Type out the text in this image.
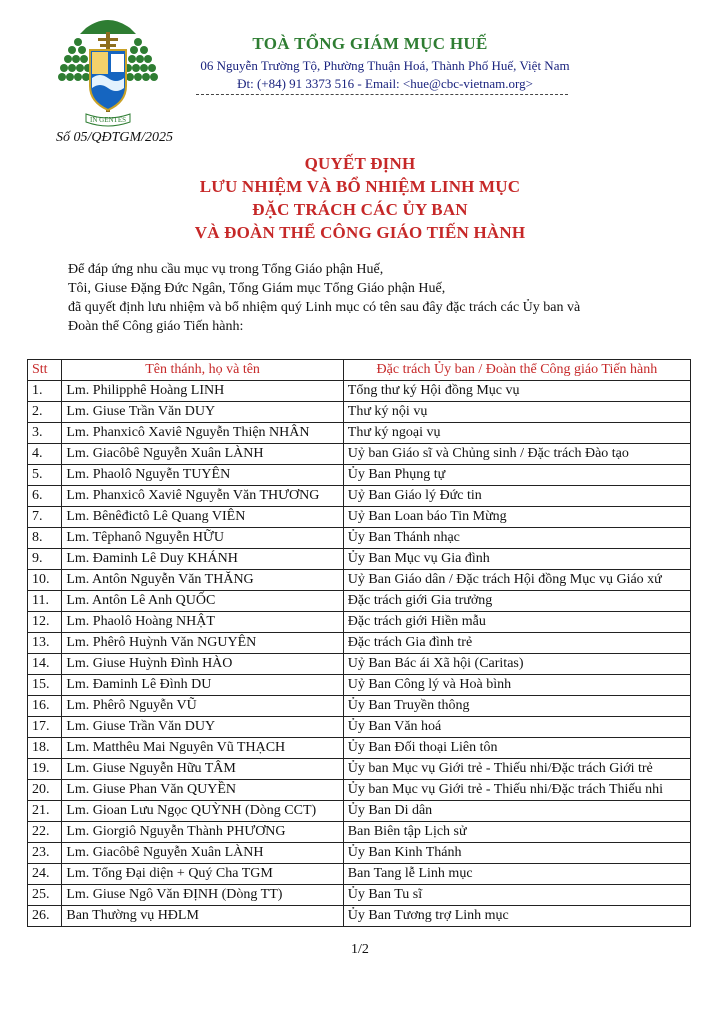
IN GENTES
TOÀ TỔNG GIÁM MỤC HUẾ
06 Nguyễn Trường Tộ, Phường Thuận Hoá, Thành Phố Huế, Việt Nam
Đt: (+84) 91 3373 516 - Email: <hue@cbc-vietnam.org>
Số 05/QĐTGM/2025
QUYẾT ĐỊNH
LƯU NHIỆM VÀ BỔ NHIỆM LINH MỤC
ĐẶC TRÁCH CÁC ỦY BAN
VÀ ĐOÀN THỂ CÔNG GIÁO TIẾN HÀNH
Để đáp ứng nhu cầu mục vụ trong Tổng Giáo phận Huế,
Tôi, Giuse Đặng Đức Ngân, Tổng Giám mục Tổng Giáo phận Huế,
đã quyết định lưu nhiệm và bổ nhiệm quý Linh mục có tên sau đây đặc trách các Ủy ban và
Đoàn thể Công giáo Tiến hành:
Stt	Tên thánh, họ và tên	Đặc trách Ủy ban / Đoàn thể Công giáo Tiến hành
1.	Lm. Philipphê Hoàng LINH	Tổng thư ký Hội đồng Mục vụ
2.	Lm. Giuse Trần Văn DUY	Thư ký nội vụ
3.	Lm. Phanxicô Xaviê Nguyễn Thiện NHÂN	Thư ký ngoại vụ
4.	Lm. Giacôbê Nguyễn Xuân LÀNH	Uỷ ban Giáo sĩ và Chủng sinh / Đặc trách Đào tạo
5.	Lm. Phaolô Nguyễn TUYÊN	Ủy Ban Phụng tự
6.	Lm. Phanxicô Xaviê Nguyễn Văn THƯƠNG	Uỷ Ban Giáo lý Đức tin
7.	Lm. Bênêđictô Lê Quang VIÊN	Uỷ Ban Loan báo Tin Mừng
8.	Lm. Têphanô Nguyễn HỮU	Ủy Ban Thánh nhạc
9.	Lm. Đaminh Lê Duy KHÁNH	Ủy Ban Mục vụ Gia đình
10.	Lm. Antôn Nguyễn Văn THĂNG	Uỷ Ban Giáo dân / Đặc trách Hội đồng Mục vụ Giáo xứ
11.	Lm. Antôn Lê Anh QUỐC	Đặc trách giới Gia trưởng
12.	Lm. Phaolô Hoàng NHẬT	Đặc trách giới Hiền mẫu
13.	Lm. Phêrô Huỳnh Văn NGUYÊN	Đặc trách Gia đình trẻ
14.	Lm. Giuse Huỳnh Đình HÀO	Uỷ Ban Bác ái Xã hội (Caritas)
15.	Lm. Đaminh Lê Đình DU	Uỷ Ban Công lý và Hoà bình
16.	Lm. Phêrô Nguyễn VŨ	Ủy Ban Truyền thông
17.	Lm. Giuse Trần Văn DUY	Ủy Ban Văn hoá
18.	Lm. Matthêu Mai Nguyên Vũ THẠCH	Ủy Ban Đối thoại Liên tôn
19.	Lm. Giuse Nguyễn Hữu TÂM	Ủy ban Mục vụ Giới trẻ - Thiếu nhi/Đặc trách Giới trẻ
20.	Lm. Giuse Phan Văn QUYỀN	Ủy ban Mục vụ Giới trẻ - Thiếu nhi/Đặc trách Thiếu nhi
21.	Lm. Gioan Lưu Ngọc QUỲNH (Dòng CCT)	Ủy Ban Di dân
22.	Lm. Giorgiô Nguyễn Thành PHƯƠNG	Ban Biên tập Lịch sử
23.	Lm. Giacôbê Nguyễn Xuân LÀNH	Ủy Ban Kinh Thánh
24.	Lm. Tổng Đại diện + Quý Cha TGM	Ban Tang lễ Linh mục
25.	Lm. Giuse Ngô Văn ĐỊNH (Dòng TT)	Ủy Ban Tu sĩ
26.	Ban Thường vụ HĐLM	Ủy Ban Tương trợ Linh mục
1/2
